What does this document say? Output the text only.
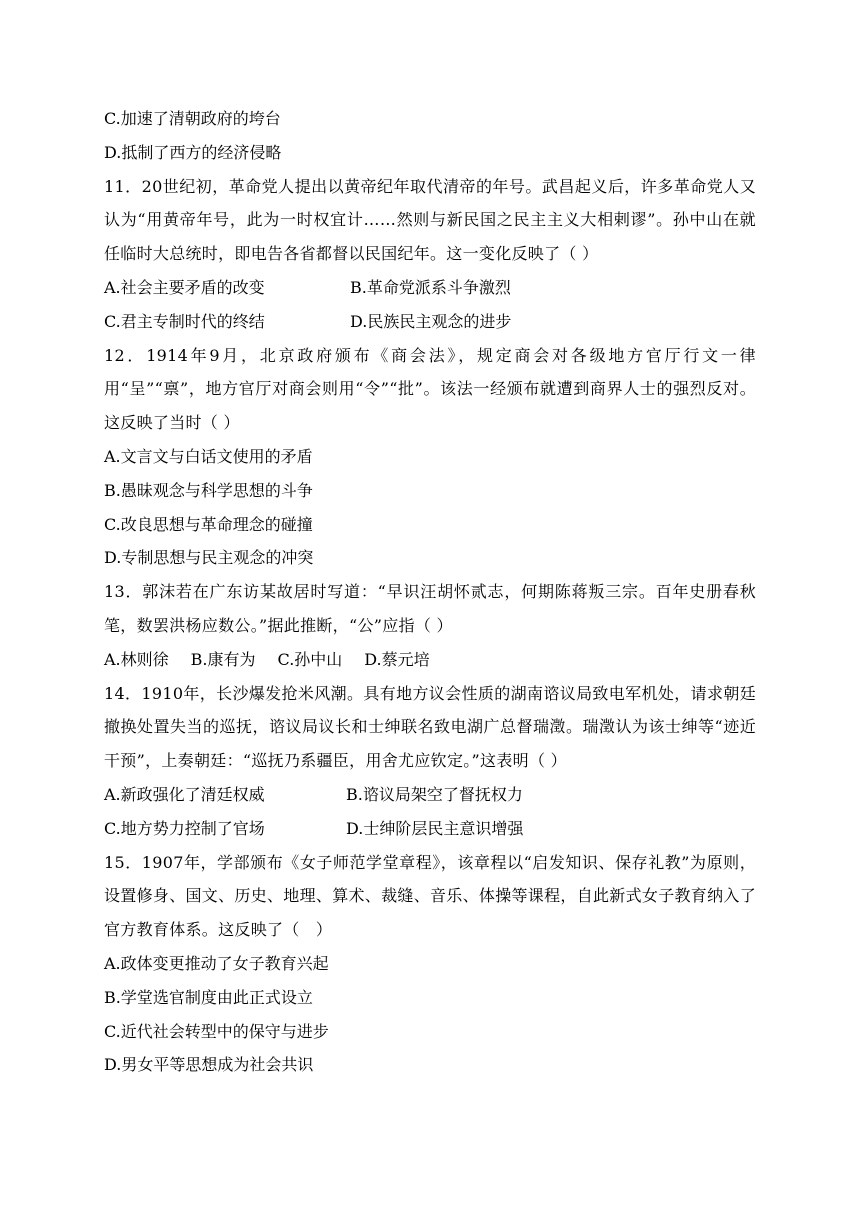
C.加速了清朝政府的垮台
D.抵制了西方的经济侵略
11．20世纪初，革命党人提出以黄帝纪年取代清帝的年号。武昌起义后，许多革命党人又认为“用黄帝年号，此为一时权宜计……然则与新民国之民主主义大相剌谬”。孙中山在就任临时大总统时，即电告各省都督以民国纪年。这一变化反映了（ ）
A.社会主要矛盾的改变	B.革命党派系斗争激烈
C.君主专制时代的终结	D.民族民主观念的进步
12．1914年9月，北京政府颁布《商会法》，规定商会对各级地方官厅行文一律用“呈”“禀”，地方官厅对商会则用“令”“批”。该法一经颁布就遭到商界人士的强烈反对。这反映了当时（ ）
A.文言文与白话文使用的矛盾
B.愚昧观念与科学思想的斗争
C.改良思想与革命理念的碰撞
D.专制思想与民主观念的冲突
13．郭沫若在广东访某故居时写道：“早识汪胡怀贰志，何期陈蒋叛三宗。百年史册春秋笔，数罢洪杨应数公。”据此推断，“公”应指（ ）
A.林则徐 B.康有为 C.孙中山 D.蔡元培
14．1910年，长沙爆发抢米风潮。具有地方议会性质的湖南谘议局致电军机处，请求朝廷撤换处置失当的巡抚，谘议局议长和士绅联名致电湖广总督瑞澂。瑞澂认为该士绅等“迹近干预”，上奏朝廷：“巡抚乃系疆臣，用舍尤应钦定。”这表明（ ）
A.新政强化了清廷权威	B.谘议局架空了督抚权力
C.地方势力控制了官场	D.士绅阶层民主意识增强
15．1907年，学部颁布《女子师范学堂章程》，该章程以“启发知识、保存礼教”为原则，设置修身、国文、历史、地理、算术、裁缝、音乐、体操等课程，自此新式女子教育纳入了官方教育体系。这反映了（　）
A.政体变更推动了女子教育兴起
B.学堂选官制度由此正式设立
C.近代社会转型中的保守与进步
D.男女平等思想成为社会共识
